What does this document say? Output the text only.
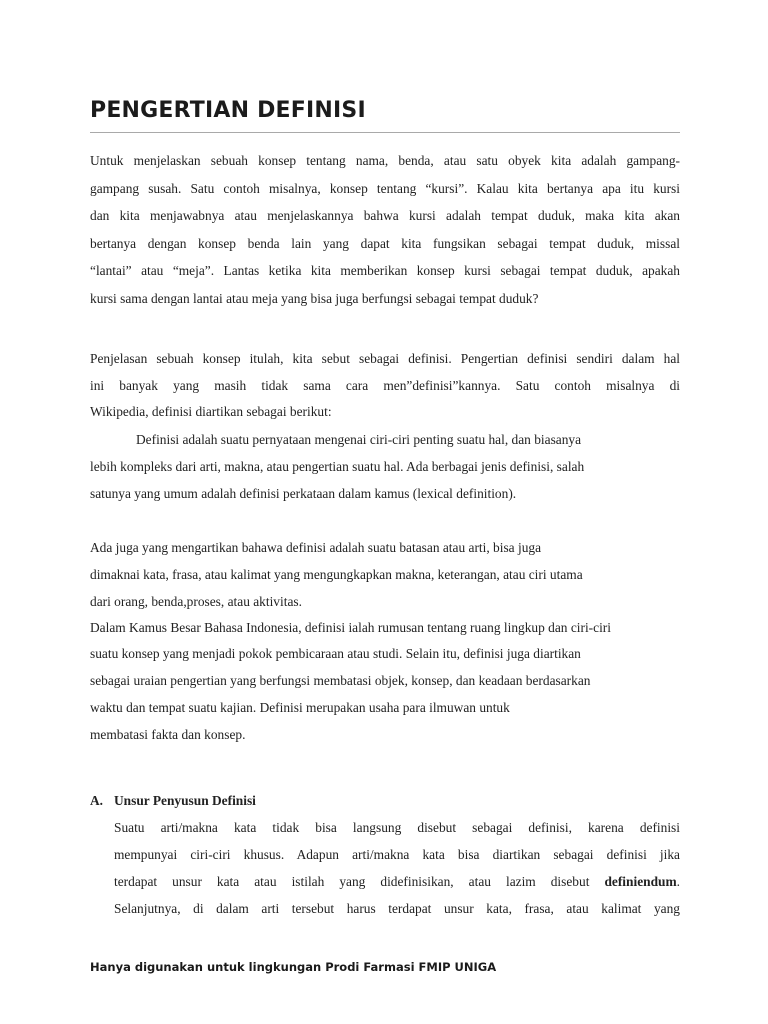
PENGERTIAN DEFINISI
Untuk menjelaskan sebuah konsep tentang nama, benda, atau satu obyek kita adalah gampang-
gampang susah. Satu contoh misalnya, konsep tentang “kursi”. Kalau kita bertanya apa itu kursi
dan kita menjawabnya atau menjelaskannya bahwa kursi adalah tempat duduk, maka kita akan
bertanya dengan konsep benda lain yang dapat kita fungsikan sebagai tempat duduk, missal
“lantai” atau “meja”. Lantas ketika kita memberikan konsep kursi sebagai tempat duduk, apakah
kursi sama dengan lantai atau meja yang bisa juga berfungsi sebagai tempat duduk?
Penjelasan sebuah konsep itulah, kita sebut sebagai definisi. Pengertian definisi sendiri dalam hal
ini banyak yang masih tidak sama cara men”definisi”kannya. Satu contoh misalnya di
Wikipedia, definisi diartikan sebagai berikut:
Definisi adalah suatu pernyataan mengenai ciri-ciri penting suatu hal, dan biasanya
lebih kompleks dari arti, makna, atau pengertian suatu hal. Ada berbagai jenis definisi, salah
satunya yang umum adalah definisi perkataan dalam kamus (lexical definition).
Ada juga yang mengartikan bahawa definisi adalah suatu batasan atau arti, bisa juga
dimaknai kata, frasa, atau kalimat yang mengungkapkan makna, keterangan, atau ciri utama
dari orang, benda,proses, atau aktivitas.
Dalam Kamus Besar Bahasa Indonesia, definisi ialah rumusan tentang ruang lingkup dan ciri-ciri
suatu konsep yang menjadi pokok pembicaraan atau studi. Selain itu, definisi juga diartikan
sebagai uraian pengertian yang berfungsi membatasi objek, konsep, dan keadaan berdasarkan
waktu dan tempat suatu kajian. Definisi merupakan usaha para ilmuwan untuk
membatasi fakta dan konsep.
A. Unsur Penyusun Definisi
Suatu arti/makna kata tidak bisa langsung disebut sebagai definisi, karena definisi
mempunyai ciri-ciri khusus. Adapun arti/makna kata bisa diartikan sebagai definisi jika
terdapat unsur kata atau istilah yang didefinisikan, atau lazim disebut definiendum.
Selanjutnya, di dalam arti tersebut harus terdapat unsur kata, frasa, atau kalimat yang
Hanya digunakan untuk lingkungan Prodi Farmasi FMIP UNIGA
